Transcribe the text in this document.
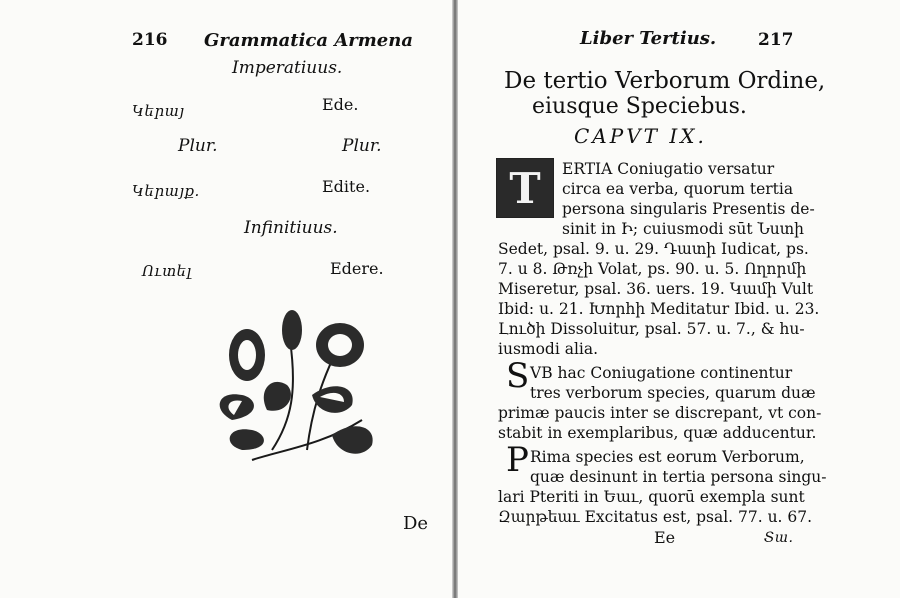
216 Grammatica Armena
Imperatiuus.
Կերայ	Ede.
Plur.	Plur.
Կերայք.	Edite.
Infinitiuus.
Ուտել	Edere.
De
Liber Tertius. 217
De tertio Verborum Ordine,
eiusque Speciebus.
CAPVT IX.
T	ERTIA Coniugatio versatur
circa ea verba, quorum tertia
persona singularis Presentis de-
sinit in Ի; cuiusmodi sūt Նստի
Sedet, psal. 9. u. 29. Դատի Iudicat, ps.
7. u 8. Թռչի Volat, ps. 90. u. 5. Ողորմի
Miseretur, psal. 36. uers. 19. Կամի Vult
Ibid: u. 21. Խորհի Meditatur Ibid. u. 23.
Լուծի Dissoluitur, psal. 57. u. 7., & hu-
iusmodi alia.
S VB hac Coniugatione continentur
tres verborum species, quarum duæ
primæ paucis inter se discrepant, vt con-
stabit in exemplaribus, quæ adducentur.
P Rima species est eorum Verborum,
quæ desinunt in tertia persona singu-
lari Pteriti in Եաւ, quorū exempla sunt
Զարթեաւ Excitatus est, psal. 77. u. 67.
Ee	Տա.
